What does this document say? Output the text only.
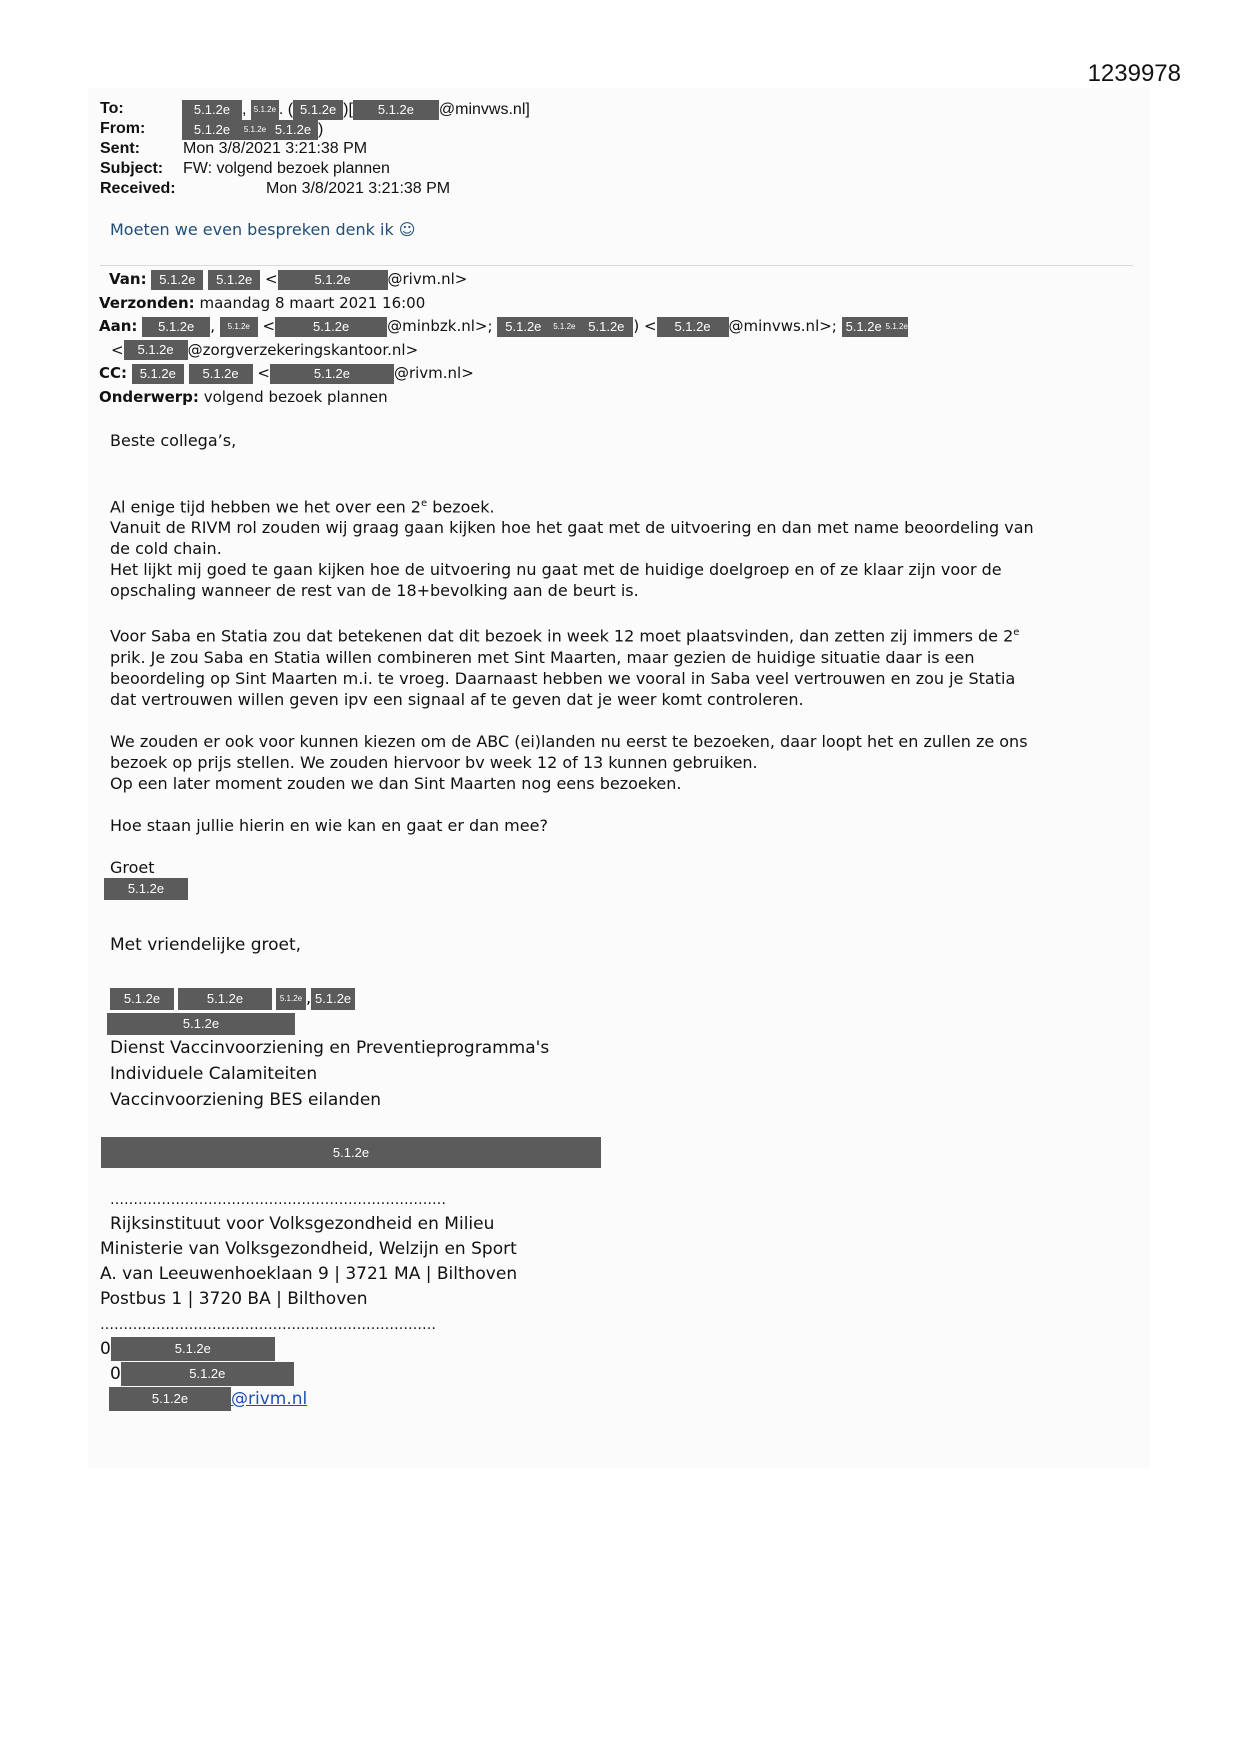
1239978
To:	5.1.2e , 5.1.2e . ( 5.1.2e )[ 5.1.2e @minvws.nl]
From:	5.1.2e 5.1.2e 5.1.2e )
Sent:	Mon 3/8/2021 3:21:38 PM
Subject: FW: volgend bezoek plannen
Received:	Mon 3/8/2021 3:21:38 PM
Moeten we even bespreken denk ik ☺
Van: 5.1.2e 5.1.2e <	5.1.2e @rivm.nl>
Verzonden: maandag 8 maart 2021 16:00
Aan: 5.1.2e , 5.1.2e <	5.1.2e	@minbzk.nl>; 5.1.2e 5.1.2e 5.1.2e ) < 5.1.2e @minvws.nl>; 5.1.2e 5.1.2e
< 5.1.2e @zorgverzekeringskantoor.nl>
CC: 5.1.2e 5.1.2e <	5.1.2e	@rivm.nl>
Onderwerp: volgend bezoek plannen

Beste collega’s,

Al enige tijd hebben we het over een 2e bezoek.

Vanuit de RIVM rol zouden wij graag gaan kijken hoe het gaat met de uitvoering en dan met name beoordeling van

de cold chain.

Het lijkt mij goed te gaan kijken hoe de uitvoering nu gaat met de huidige doelgroep en of ze klaar zijn voor de

opschaling wanneer de rest van de 18+bevolking aan de beurt is.

Voor Saba en Statia zou dat betekenen dat dit bezoek in week 12 moet plaatsvinden, dan zetten zij immers de 2e

prik. Je zou Saba en Statia willen combineren met Sint Maarten, maar gezien de huidige situatie daar is een

beoordeling op Sint Maarten m.i. te vroeg. Daarnaast hebben we vooral in Saba veel vertrouwen en zou je Statia

dat vertrouwen willen geven ipv een signaal af te geven dat je weer komt controleren.

We zouden er ook voor kunnen kiezen om de ABC (ei)landen nu eerst te bezoeken, daar loopt het en zullen ze ons

bezoek op prijs stellen. We zouden hiervoor bv week 12 of 13 kunnen gebruiken.

Op een later moment zouden we dan Sint Maarten nog eens bezoeken.

Hoe staan jullie hierin en wie kan en gaat er dan mee?

Groet

5.1.2e
Met vriendelijke groet,
5.1.2e	5.1.2e	5.1.2e , 5.1.2e
5.1.2e
Dienst Vaccinvoorziening en Preventieprogramma's
Individuele Calamiteiten
Vaccinvoorziening BES eilanden
5.1.2e
………………………………………………………………
Rijksinstituut voor Volksgezondheid en Milieu
Ministerie van Volksgezondheid, Welzijn en Sport
A. van Leeuwenhoeklaan 9 | 3721 MA | Bilthoven
Postbus 1 | 3720 BA | Bilthoven
………………………………………………………………
0	5.1.2e
0	5.1.2e
5.1.2e	@rivm.nl
